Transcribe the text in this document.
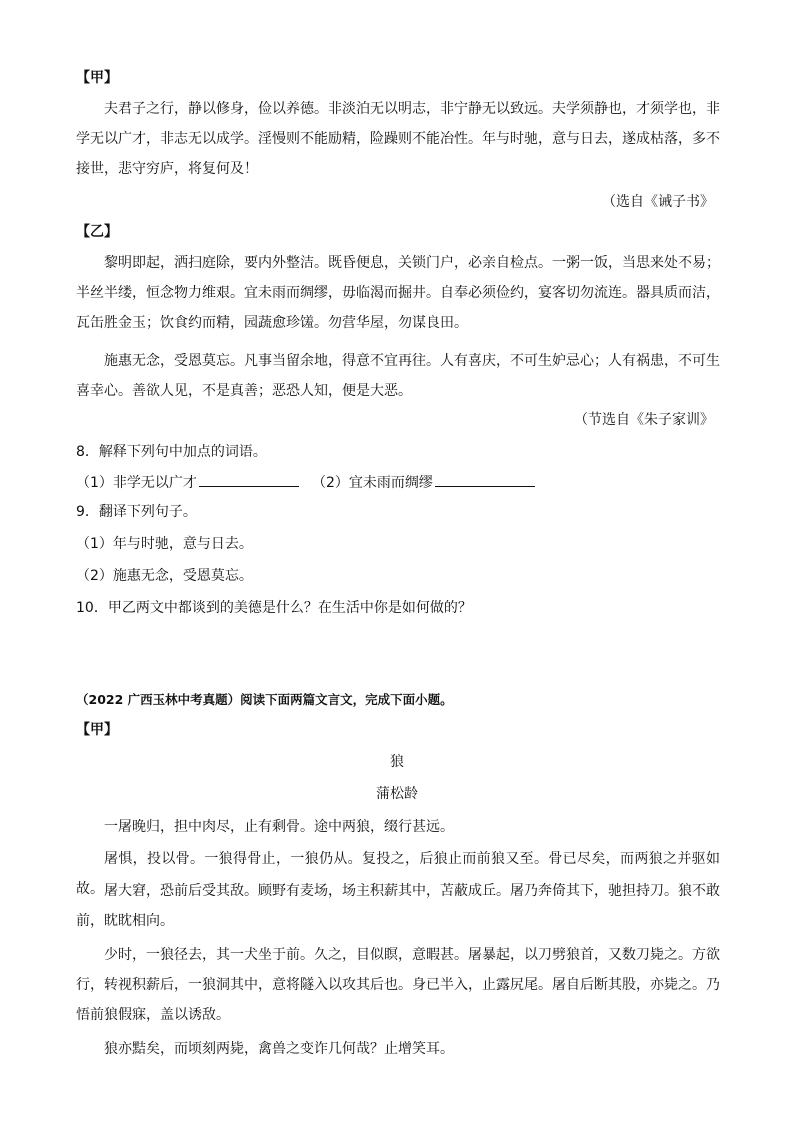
【甲】
夫君子之行，静以修身，俭以养德。非淡泊无以明志，非宁静无以致远。夫学须静也，才须学也，非学无以广才，非志无以成学。淫慢则不能励精，险躁则不能冶性。年与时驰，意与日去，遂成枯落，多不接世，悲守穷庐，将复何及！
（选自《诫子书》
【乙】
黎明即起，洒扫庭除，要内外整洁。既昏便息，关锁门户，必亲自检点。一粥一饭，当思来处不易；半丝半缕，恒念物力维艰。宜未雨而绸缪，毋临渴而掘井。自奉必须俭约，宴客切勿流连。器具质而洁，瓦缶胜金玉；饮食约而精，园蔬愈珍馐。勿营华屋，勿谋良田。
施惠无念，受恩莫忘。凡事当留余地，得意不宜再往。人有喜庆，不可生妒忌心；人有祸患，不可生喜幸心。善欲人见，不是真善；恶恐人知，便是大恶。
（节选自《朱子家训》
8．解释下列句中加点的词语。
（1）非学无以广才	（2）宜未雨而绸缪
9．翻译下列句子。
（1）年与时驰，意与日去。
（2）施惠无念，受恩莫忘。
10．甲乙两文中都谈到的美德是什么？在生活中你是如何做的？
（2022 广西玉林中考真题）阅读下面两篇文言文，完成下面小题。
【甲】
狼
蒲松龄
一屠晚归，担中肉尽，止有剩骨。途中两狼，缀行甚远。
屠惧，投以骨。一狼得骨止，一狼仍从。复投之，后狼止而前狼又至。骨已尽矣，而两狼之并驱如故。 屠大窘，恐前后受其敌。顾野有麦场，场主积薪其中，苫蔽成丘。屠乃奔倚其下，驰担持刀。狼不敢前，眈眈相向。
少时，一狼径去，其一犬坐于前。久之，目似瞑，意暇甚。屠暴起，以刀劈狼首，又数刀毙之。方欲行，转视积薪后，一狼洞其中，意将隧入以攻其后也。身已半入，止露尻尾。屠自后断其股，亦毙之。乃悟前狼假寐，盖以诱敌。
狼亦黠矣，而顷刻两毙，禽兽之变诈几何哉？止增笑耳。
